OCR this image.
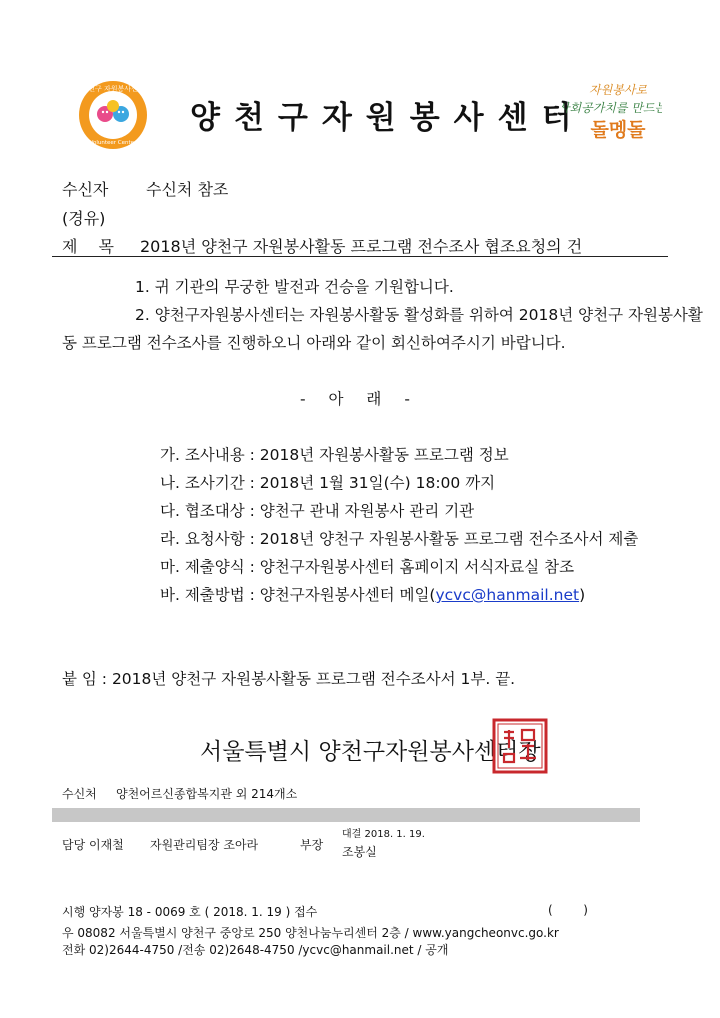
양천구 자원봉사센터
Volunteer Center
양천구자원봉사센터
자원봉사로
사회공가치를 만드는
돌멩돌
수신자 수신처 참조
(경유)
제 목 2018년 양천구 자원봉사활동 프로그램 전수조사 협조요청의 건
1. 귀 기관의 무궁한 발전과 건승을 기원합니다.
2. 양천구자원봉사센터는 자원봉사활동 활성화를 위하여 2018년 양천구 자원봉사활
동 프로그램 전수조사를 진행하오니 아래와 같이 회신하여주시기 바랍니다.
- 아 래 -
가. 조사내용 : 2018년 자원봉사활동 프로그램 정보
나. 조사기간 : 2018년 1월 31일(수) 18:00 까지
다. 협조대상 : 양천구 관내 자원봉사 관리 기관
라. 요청사항 : 2018년 양천구 자원봉사활동 프로그램 전수조사서 제출
마. 제출양식 : 양천구자원봉사센터 홈페이지 서식자료실 참조
바. 제출방법 : 양천구자원봉사센터 메일(ycvc@hanmail.net)
붙 임 : 2018년 양천구 자원봉사활동 프로그램 전수조사서 1부. 끝.
서울특별시 양천구자원봉사센터장
수신처 양천어르신종합복지관 외 214개소
담당 이재철 자원관리팀장 조아라	부장
대결 2018. 1. 19.
조봉실
시행 양자봉 18 - 0069 호 ( 2018. 1. 19 ) 접수	(        )
우 08082 서울특별시 양천구 중앙로 250 양천나눔누리센터 2층 / www.yangcheonvc.go.kr
전화 02)2644-4750 /전송 02)2648-4750 /ycvc@hanmail.net / 공개
